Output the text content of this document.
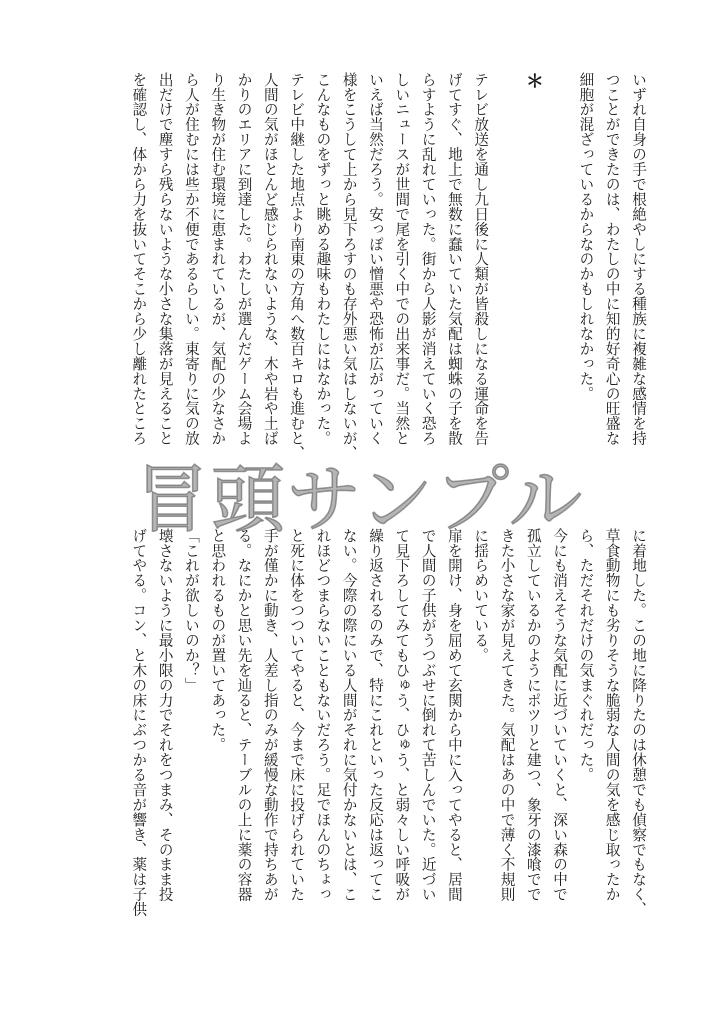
いずれ自身の手で根絶やしにする種族に複雑な感情を持
つことができたのは、わたしの中に知的好奇心の旺盛な
細胞が混ざっているからなのかもしれなかった。
＊
テレビ放送を通し九日後に人類が皆殺しになる運命を告
げてすぐ、地上で無数に蠢いていた気配は蜘蛛の子を散
らすように乱れていった。街から人影が消えていく恐ろ
しいニュースが世間で尾を引く中での出来事だ。当然と
いえば当然だろう。安っぽい憎悪や恐怖が広がっていく
様をこうして上から見下ろすのも存外悪い気はしないが、
こんなものをずっと眺める趣味もわたしにはなかった。
テレビ中継した地点より南東の方角へ数百キロも進むと、
人間の気がほとんど感じられないような、木や岩や土ば
かりのエリアに到達した。わたしが選んだゲーム会場よ
り生き物が住む環境に恵まれているが、気配の少なさか
ら人が住むには些か不便であるらしい。東寄りに気の放
出だけで塵すら残らないような小さな集落が見えること
を確認し、体から力を抜いてそこから少し離れたところ
に着地した。この地に降りたのは休憩でも偵察でもなく、
草食動物にも劣りそうな脆弱な人間の気を感じ取ったか
ら、ただそれだけの気まぐれだった。
今にも消えそうな気配に近づいていくと、深い森の中で
孤立しているかのようにポツリと建つ、象牙の漆喰でで
きた小さな家が見えてきた。気配はあの中で薄く不規則
に揺らめいている。
扉を開け、身を屈めて玄関から中に入ってやると、居間
で人間の子供がうつぶせに倒れて苦しんでいた。近づい
て見下ろしてみてもひゅう、ひゅう、と弱々しい呼吸が
繰り返されるのみで、特にこれといった反応は返ってこ
ない。今際の際にいる人間がそれに気付かないとは、こ
れほどつまらないこともないだろう。足でほんのちょっ
と死に体をつついてやると、今まで床に投げられていた
手が僅かに動き、人差し指のみが緩慢な動作で持ちあが
る。なにかと思い先を辿ると、テーブルの上に薬の容器
と思われるものが置いてあった。
「これが欲しいのか？」
壊さないように最小限の力でそれをつまみ、そのまま投
げてやる。コン、と木の床にぶつかる音が響き、薬は子供
冒頭サンプル
